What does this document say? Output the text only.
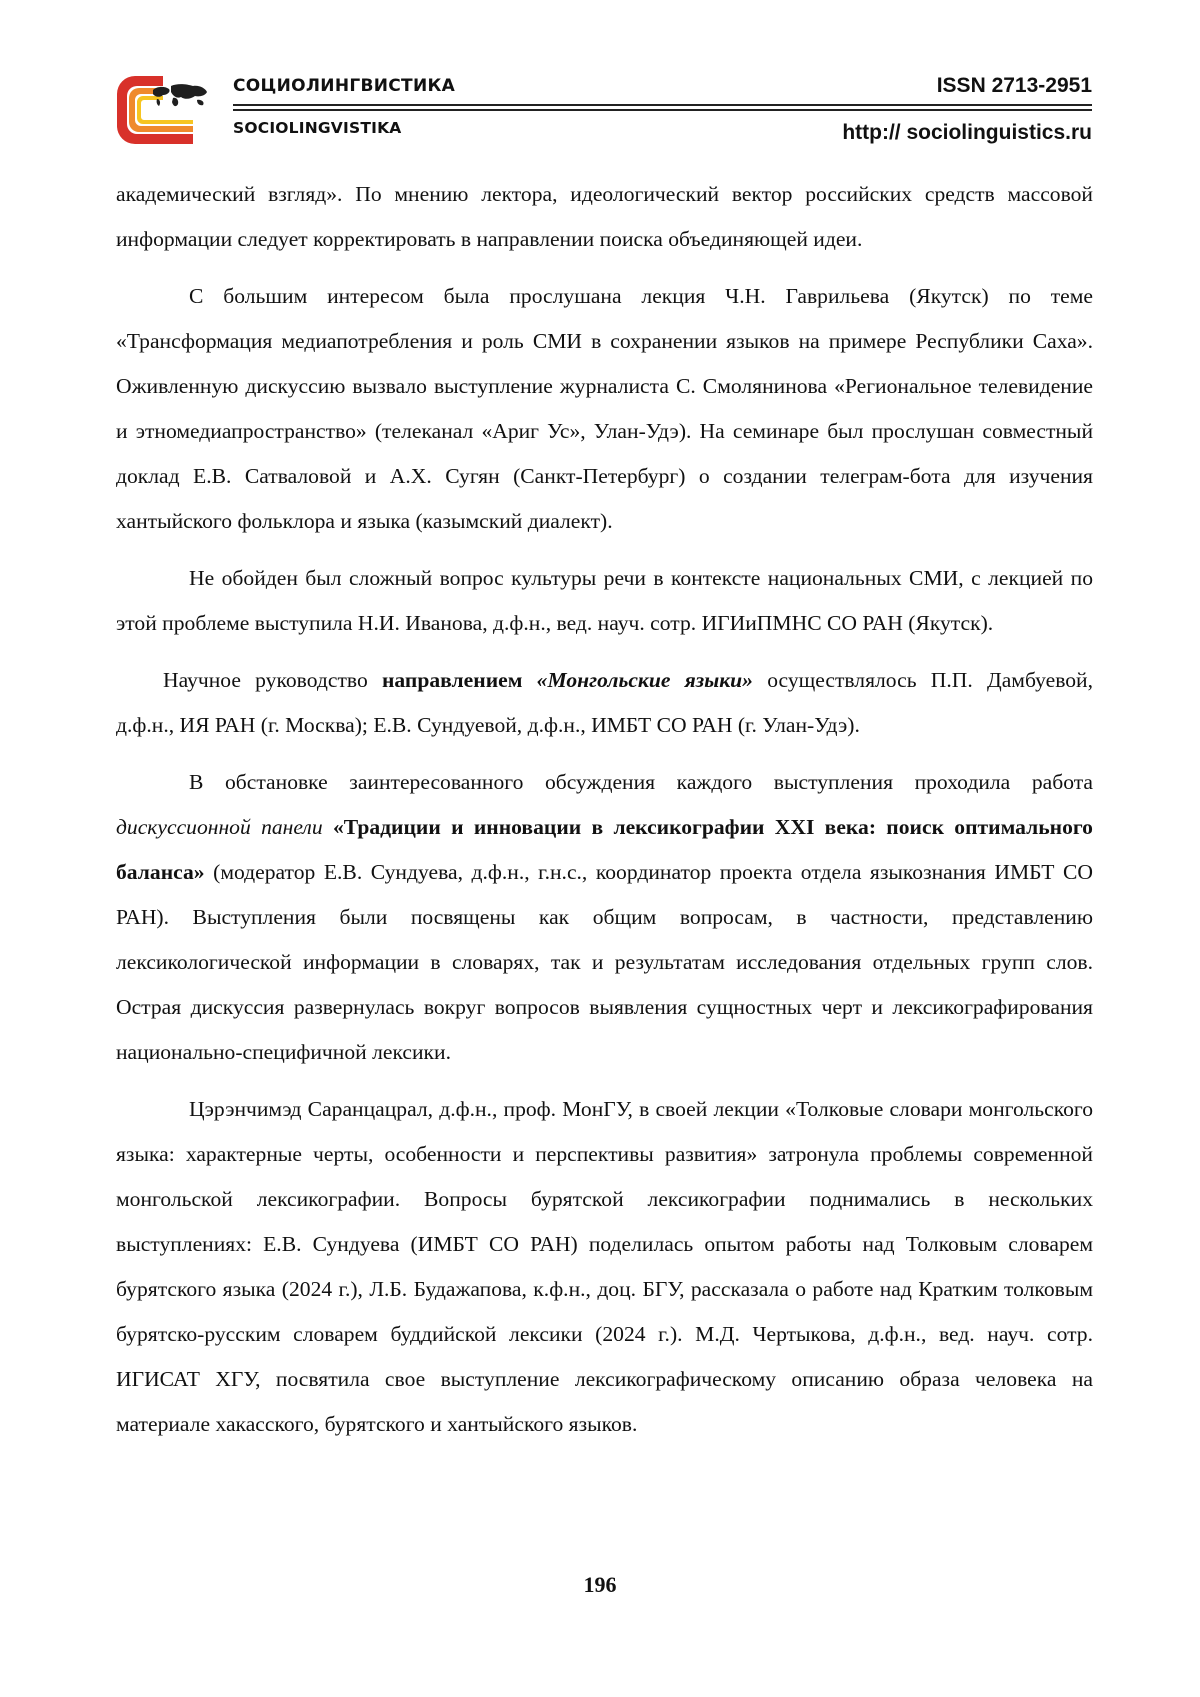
СОЦИОЛИНГВИСТИКА
SOCIOLINGVISTIKA
ISSN 2713-2951
http:// sociolinguistics.ru

академический взгляд». По мнению лектора, идеологический вектор российских средств массовой информации следует корректировать в направлении поиска объединяющей идеи.

С большим интересом была прослушана лекция Ч.Н. Гаврильева (Якутск) по теме «Трансформация медиапотребления и роль СМИ в сохранении языков на примере Республики Саха». Оживленную дискуссию вызвало выступление журналиста С. Смолянинова «Региональное телевидение и этномедиапространство» (телеканал «Ариг Ус», Улан-Удэ). На семинаре был прослушан совместный доклад Е.В. Сатваловой и А.Х. Сугян (Санкт-Петербург) о создании телеграм-бота для изучения хантыйского фольклора и языка (казымский диалект).

Не обойден был сложный вопрос культуры речи в контексте национальных СМИ, с лекцией по этой проблеме выступила Н.И. Иванова, д.ф.н., вед. науч. сотр. ИГИиПМНС СО РАН (Якутск).

Научное руководство направлением «Монгольские языки» осуществлялось П.П. Дамбуевой, д.ф.н., ИЯ РАН (г. Москва); Е.В. Сундуевой, д.ф.н., ИМБТ СО РАН (г. Улан-Удэ).

В обстановке заинтересованного обсуждения каждого выступления проходила работа дискуссионной панели «Традиции и инновации в лексикографии XXI века: поиск оптимального баланса» (модератор Е.В. Сундуева, д.ф.н., г.н.с., координатор проекта отдела языкознания ИМБТ СО РАН). Выступления были посвящены как общим вопросам, в частности, представлению лексикологической информации в словарях, так и результатам исследования отдельных групп слов. Острая дискуссия развернулась вокруг вопросов выявления сущностных черт и лексикографирования национально-специфичной лексики.

Цэрэнчимэд Саранцацрал, д.ф.н., проф. МонГУ, в своей лекции «Толковые словари монгольского языка: характерные черты, особенности и перспективы развития» затронула проблемы современной монгольской лексикографии. Вопросы бурятской лексикографии поднимались в нескольких выступлениях: Е.В. Сундуева (ИМБТ СО РАН) поделилась опытом работы над Толковым словарем бурятского языка (2024 г.), Л.Б. Будажапова, к.ф.н., доц. БГУ, рассказала о работе над Кратким толковым бурятско-русским словарем буддийской лексики (2024 г.). М.Д. Чертыкова, д.ф.н., вед. науч. сотр. ИГИСАТ ХГУ, посвятила свое выступление лексикографическому описанию образа человека на материале хакасского, бурятского и хантыйского языков.

196
